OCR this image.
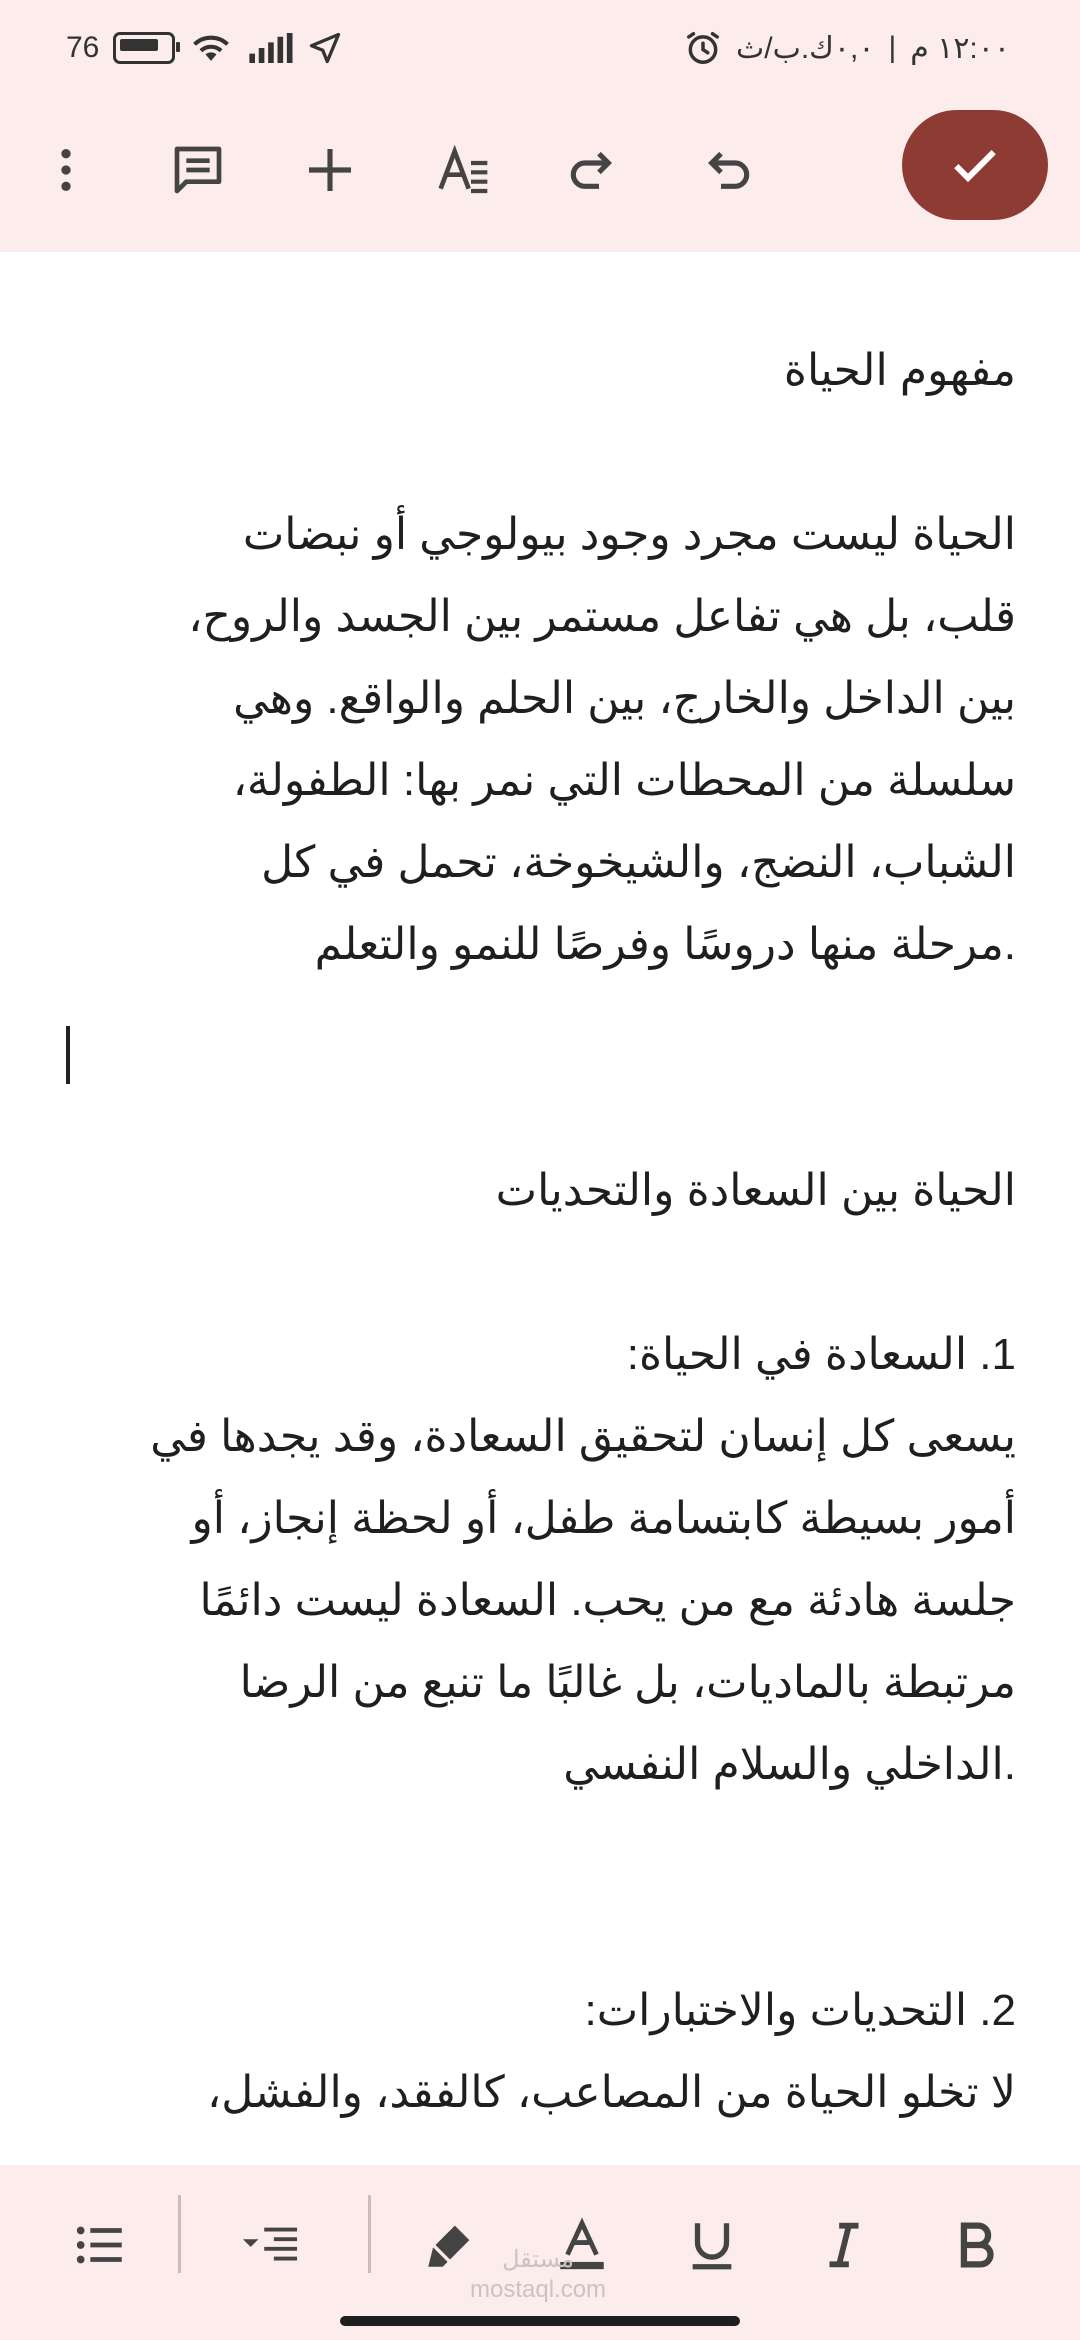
76	١٢:٠٠ م
|
٠,٠ك.ب/ث
مفهوم الحياة
الحياة ليست مجرد وجود بيولوجي أو نبضات
قلب، بل هي تفاعل مستمر بين الجسد والروح،
بين الداخل والخارج، بين الحلم والواقع. وهي
سلسلة من المحطات التي نمر بها: الطفولة،
الشباب، النضج، والشيخوخة، تحمل في كل
.مرحلة منها دروسًا وفرصًا للنمو والتعلم
الحياة بين السعادة والتحديات
1. السعادة في الحياة:
يسعى كل إنسان لتحقيق السعادة، وقد يجدها في
أمور بسيطة كابتسامة طفل، أو لحظة إنجاز، أو
جلسة هادئة مع من يحب. السعادة ليست دائمًا
مرتبطة بالماديات، بل غالبًا ما تنبع من الرضا
.الداخلي والسلام النفسي
2. التحديات والاختبارات:
لا تخلو الحياة من المصاعب، كالفقد، والفشل،
مستقل
mostaql.com
